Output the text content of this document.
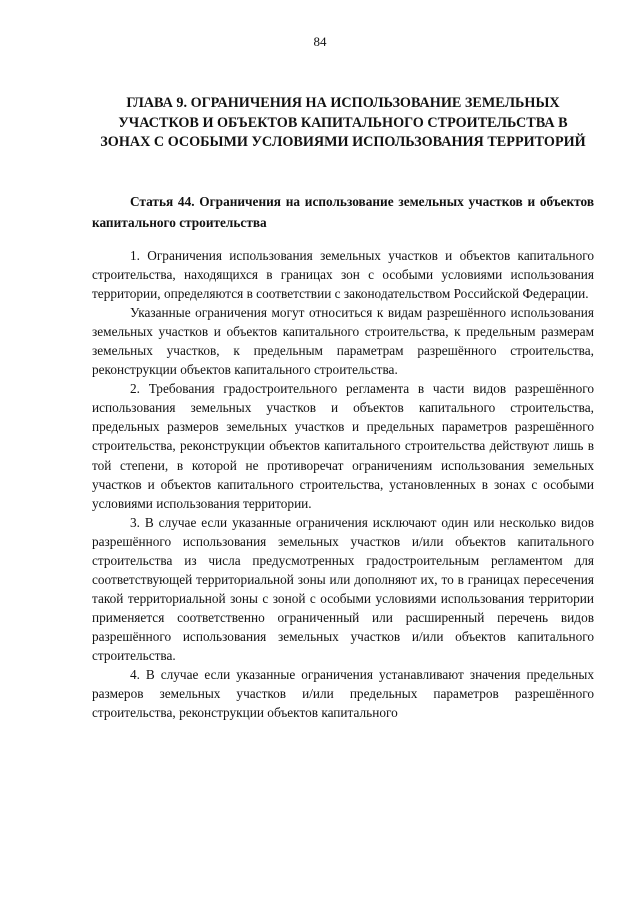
84
ГЛАВА 9. ОГРАНИЧЕНИЯ НА ИСПОЛЬЗОВАНИЕ ЗЕМЕЛЬНЫХ УЧАСТКОВ И ОБЪЕКТОВ КАПИТАЛЬНОГО СТРОИТЕЛЬСТВА В ЗОНАХ С ОСОБЫМИ УСЛОВИЯМИ ИСПОЛЬЗОВАНИЯ ТЕРРИТОРИЙ
Статья 44. Ограничения на использование земельных участков и объектов капитального строительства

1. Ограничения использования земельных участков и объектов капитального строительства, находящихся в границах зон с особыми условиями использования территории, определяются в соответствии с законодательством Российской Федерации.

Указанные ограничения могут относиться к видам разрешённого использования земельных участков и объектов капитального строительства, к предельным размерам земельных участков, к предельным параметрам разрешённого строительства, реконструкции объектов капитального строительства.

2. Требования градостроительного регламента в части видов разрешённого использования земельных участков и объектов капитального строительства, предельных размеров земельных участков и предельных параметров разрешённого строительства, реконструкции объектов капитального строительства действуют лишь в той степени, в которой не противоречат ограничениям использования земельных участков и объектов капитального строительства, установленных в зонах с особыми условиями использования территории.

3. В случае если указанные ограничения исключают один или несколько видов разрешённого использования земельных участков и/или объектов капитального строительства из числа предусмотренных градостроительным регламентом для соответствующей территориальной зоны или дополняют их, то в границах пересечения такой территориальной зоны с зоной с особыми условиями использования территории применяется соответственно ограниченный или расширенный перечень видов разрешённого использования земельных участков и/или объектов капитального строительства.

4. В случае если указанные ограничения устанавливают значения предельных размеров земельных участков и/или предельных параметров разрешённого строительства, реконструкции объектов капитального
